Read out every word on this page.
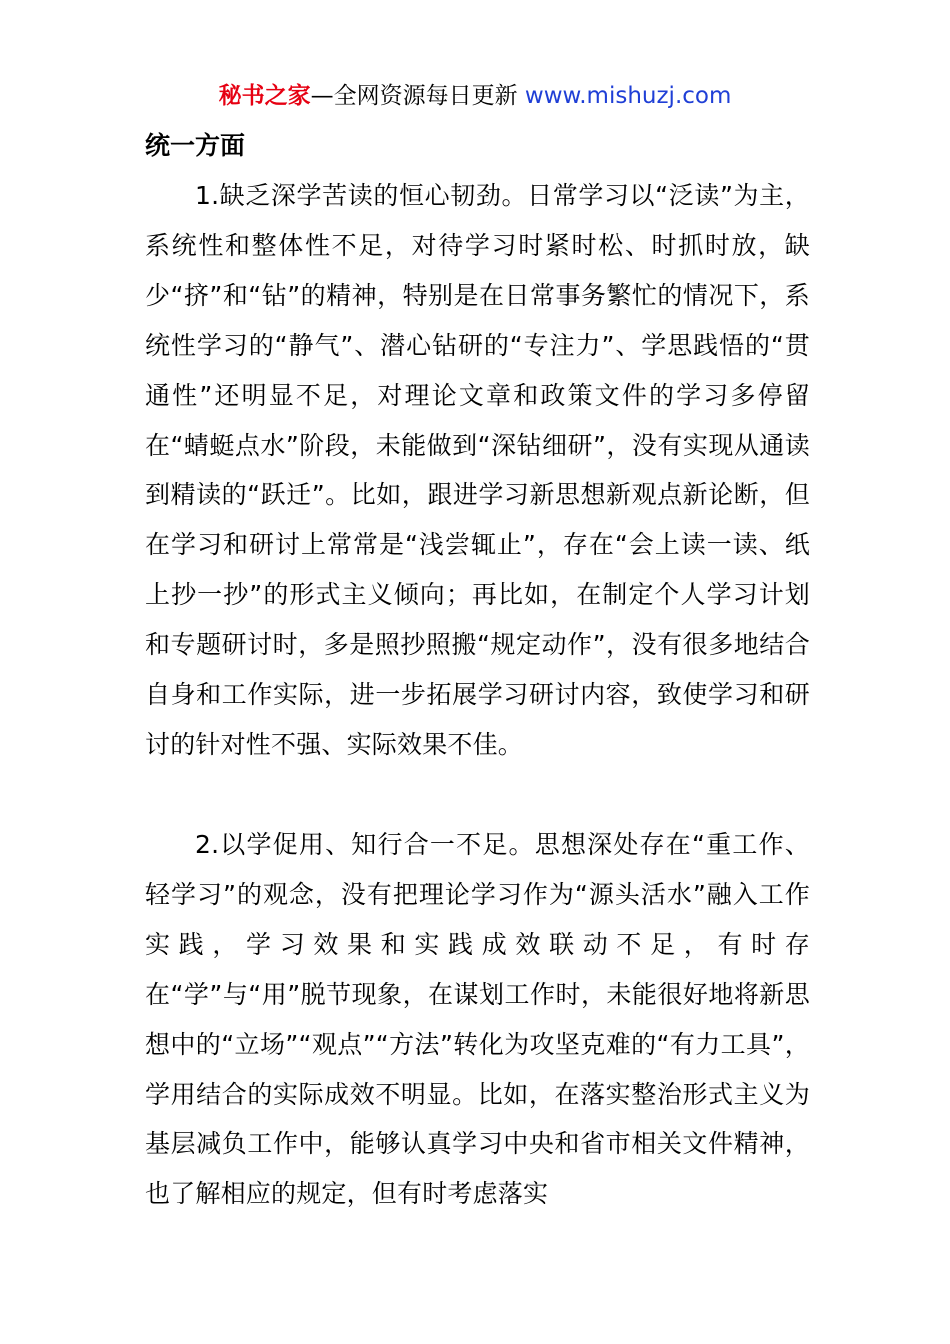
秘书之家—全网资源每日更新 www.mishuzj.com
统一方面

1.缺乏深学苦读的恒心韧劲。日常学习以“泛读”为主，系统性和整体性不足，对待学习时紧时松、时抓时放，缺少“挤”和“钻”的精神，特别是在日常事务繁忙的情况下，系统性学习的“静气”、潜心钻研的“专注力”、学思践悟的“贯通性”还明显不足，对理论文章和政策文件的学习多停留在“蜻蜓点水”阶段，未能做到“深钻细研”，没有实现从通读到精读的“跃迁”。比如，跟进学习新思想新观点新论断，但在学习和研讨上常常是“浅尝辄止”，存在“会上读一读、纸上抄一抄”的形式主义倾向；再比如，在制定个人学习计划和专题研讨时，多是照抄照搬“规定动作”，没有很多地结合自身和工作实际，进一步拓展学习研讨内容，致使学习和研讨的针对性不强、实际效果不佳。

2.以学促用、知行合一不足。思想深处存在“重工作、轻学习”的观念，没有把理论学习作为“源头活水”融入工作实践，学习效果和实践成效联动不足，有时存在“学”与“用”脱节现象，在谋划工作时，未能很好地将新思想中的“立场”“观点”“方法”转化为攻坚克难的“有力工具”，学用结合的实际成效不明显。比如，在落实整治形式主义为基层减负工作中，能够认真学习中央和省市相关文件精神，也了解相应的规定，但有时考虑落实
